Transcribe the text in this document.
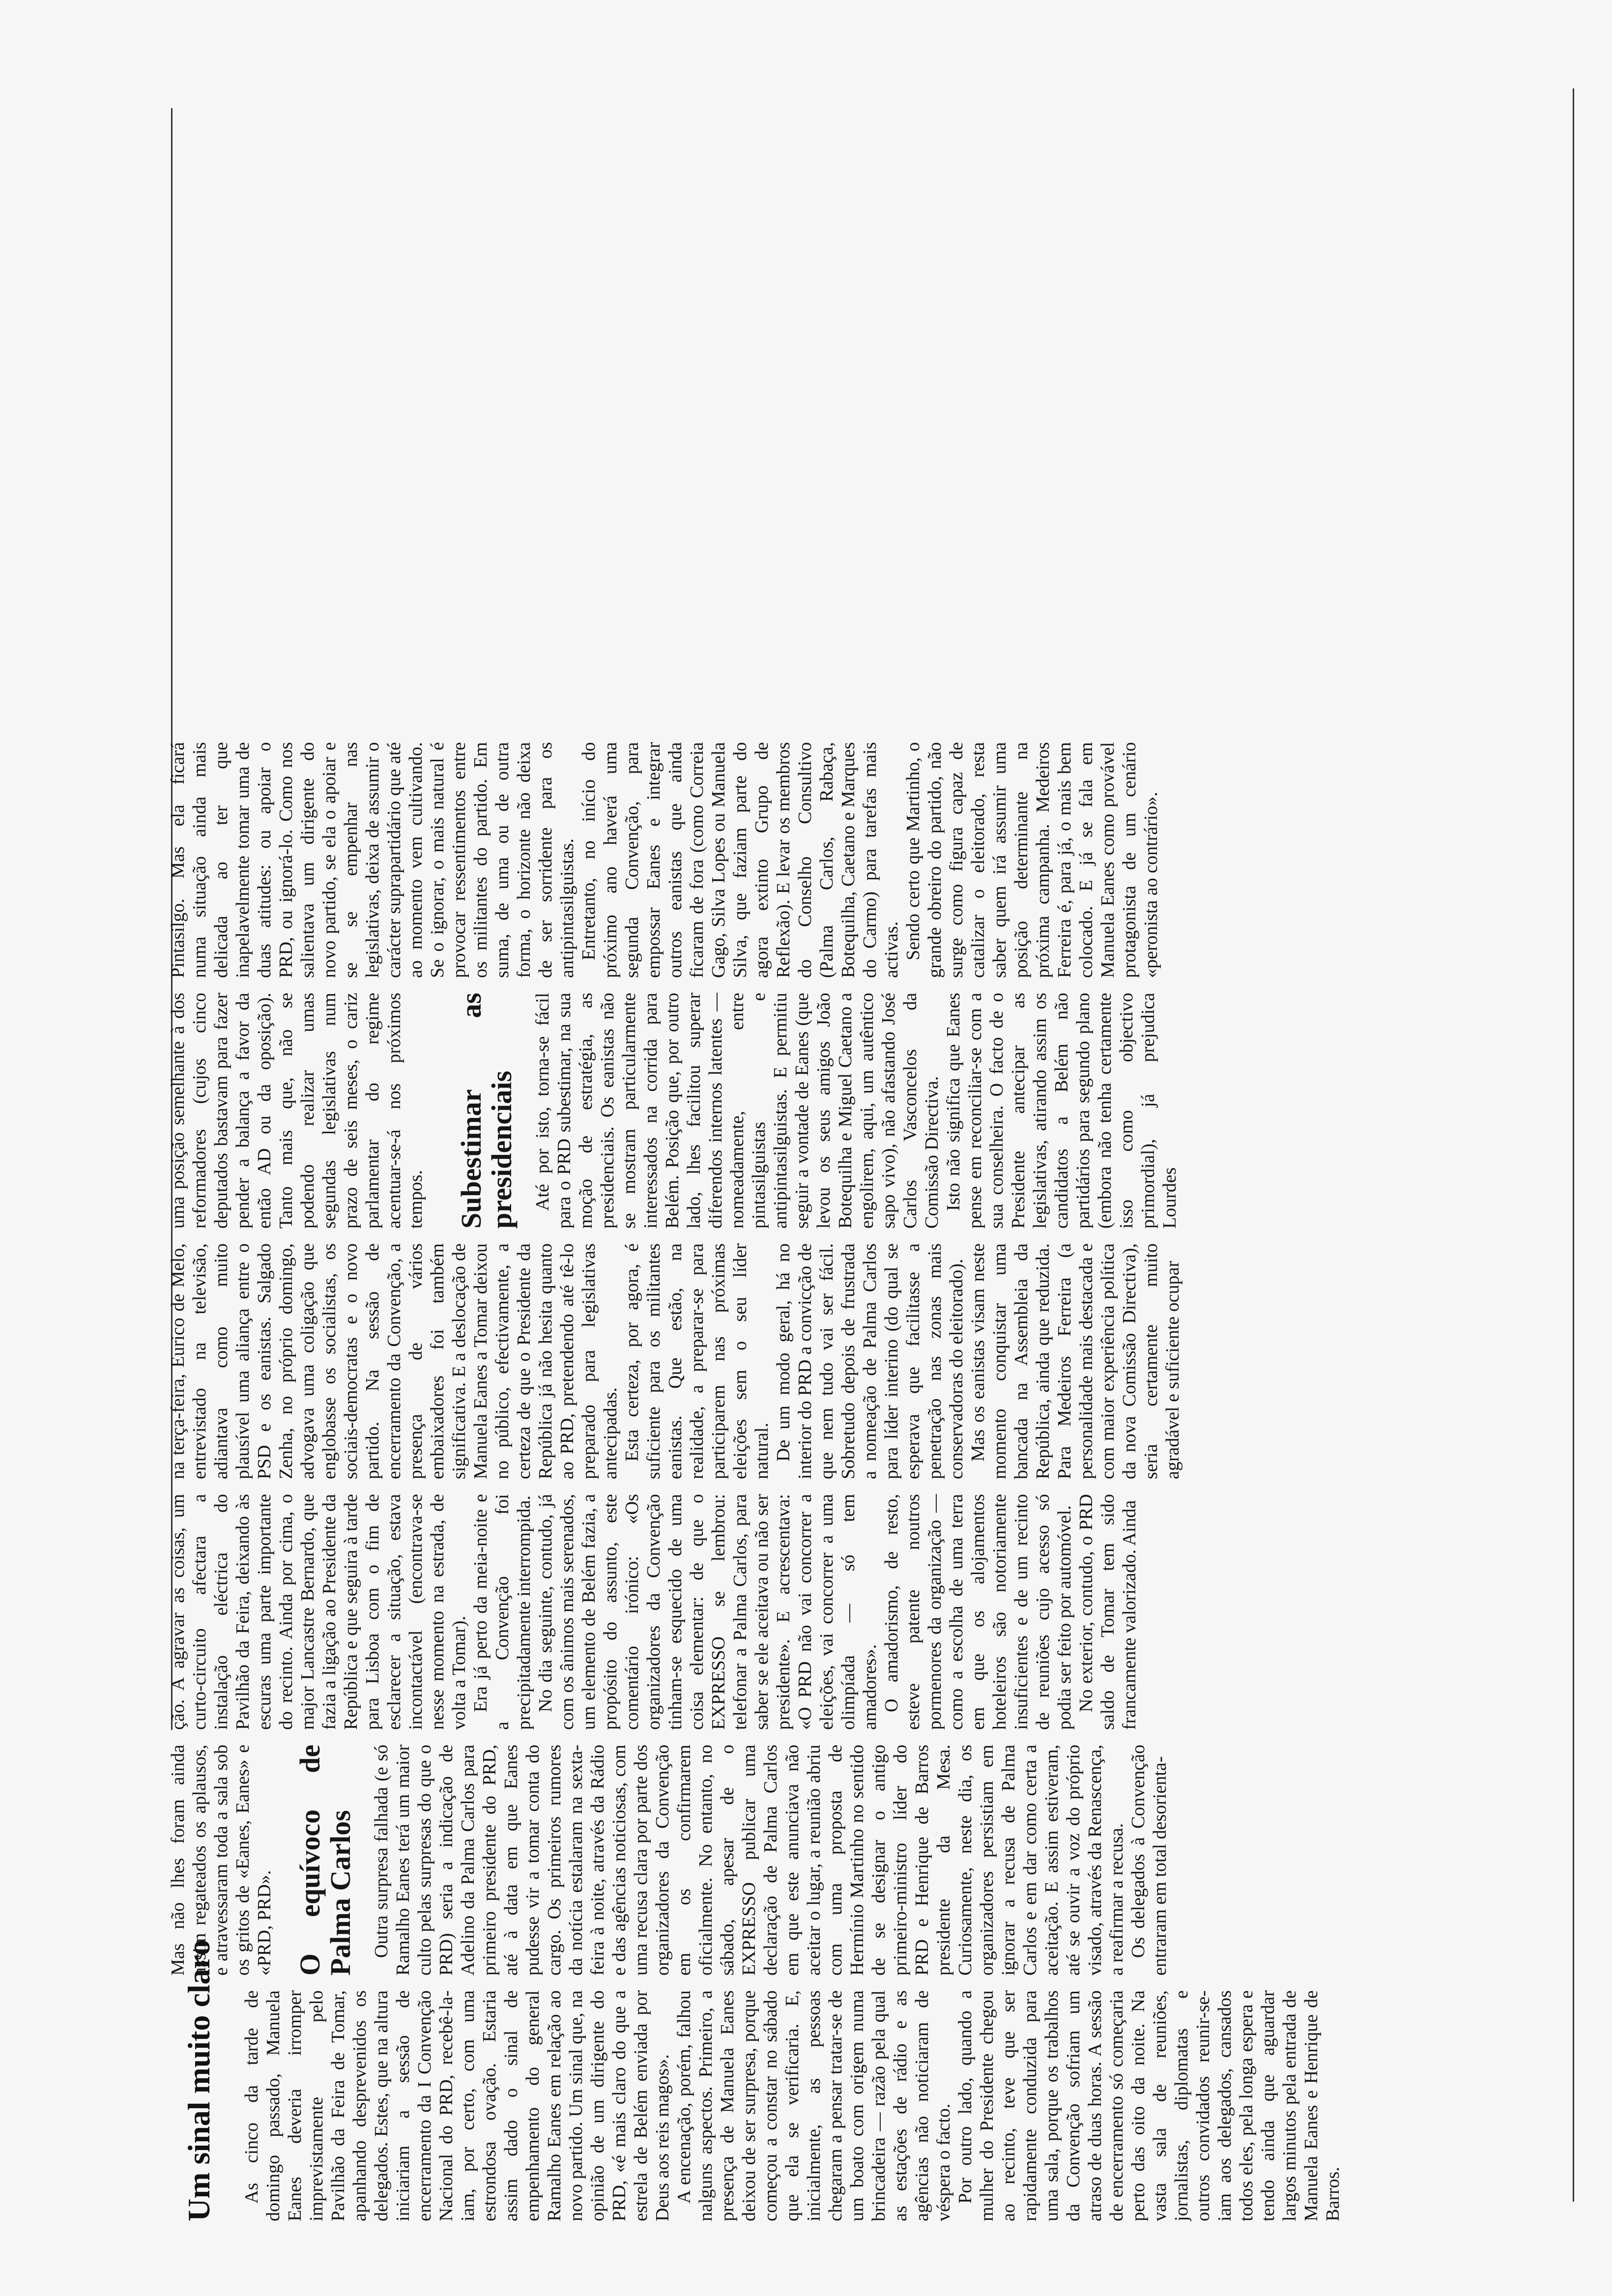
Um sinal muito claro As cinco da tarde de domingo passado, Manuela Eanes deveria irromper imprevistamente pelo Pavilhão da Feira de Tomar, apanhando desprevenidos os delegados. Estes, que na altura iniciariam a sessão de encerramento da I Convenção Nacional do PRD, recebê-la-iam, por certo, com uma estrondosa ovação. Estaria assim dado o sinal de empenhamento do general Ramalho Eanes em relação ao novo partido. Um sinal que, na opinião de um dirigente do PRD, «é mais claro do que a estrela de Belém enviada por Deus aos reis magos». A encenação, porém, falhou nalguns aspectos. Primeiro, a presença de Manuela Eanes deixou de ser surpresa, porque começou a constar no sábado que ela se verificaria. E, inicialmente, as pessoas chegaram a pensar tratar-se de um boato com origem numa brincadeira — razão pela qual as estações de rádio e as agências não noticiaram de véspera o facto. Por outro lado, quando a mulher do Presidente chegou ao recinto, teve que ser rapidamente conduzida para uma sala, porque os trabalhos da Convenção sofriam um atraso de duas horas. A sessão de encerramento só começaria perto das oito da noite. Na vasta sala de reuniões, jornalistas, diplomatas e outros convidados reunir-se-iam aos delegados, cansados todos eles, pela longa espera e tendo ainda que aguardar largos minutos pela entrada de Manuela Eanes e Henrique de Barros.

Mas não lhes foram ainda assim regateados os aplausos, e atravessaram toda a sala sob os gritos de «Eanes, Eanes» e «PRD, PRD». O equívoco de Palma Carlos Outra surpresa falhada (e só Ramalho Eanes terá um maior culto pelas surpresas do que o PRD) seria a indicação de Adelino da Palma Carlos para primeiro presidente do PRD, até à data em que Eanes pudesse vir a tomar conta do cargo. Os primeiros rumores da notícia estalaram na sexta-feira à noite, através da Rádio e das agências noticiosas, com uma recusa clara por parte dos organizadores da Convenção em os confirmarem oficialmente. No entanto, no sábado, apesar de o EXPRESSO publicar uma declaração de Palma Carlos em que este anunciava não aceitar o lugar, a reunião abriu com uma proposta de Hermínio Martinho no sentido de se designar o antigo primeiro-ministro líder do PRD e Henrique de Barros presidente da Mesa. Curiosamente, neste dia, os organizadores persistiam em ignorar a recusa de Palma Carlos e em dar como certa a aceitação. E assim estiveram, até se ouvir a voz do próprio visado, através da Renascença, a reafirmar a recusa. Os delegados à Convenção entraram em total desorienta-

ção. A agravar as coisas, um curto-circuito afectara a instalação eléctrica do Pavilhão da Feira, deixando às escuras uma parte importante do recinto. Ainda por cima, o major Lancastre Bernardo, que fazia a ligação ao Presidente da República e que seguira à tarde para Lisboa com o fim de esclarecer a situação, estava incontactável (encontrava-se nesse momento na estrada, de volta a Tomar). Era já perto da meia-noite e a Convenção foi precipitadamente interrompida. No dia seguinte, contudo, já com os ânimos mais serenados, um elemento de Belém fazia, a propósito do assunto, este comentário irónico: «Os organizadores da Convenção tinham-se esquecido de uma coisa elementar: de que o EXPRESSO se lembrou: telefonar a Palma Carlos, para saber se ele aceitava ou não ser presidente». E acrescentava: «O PRD não vai concorrer a eleições, vai concorrer a uma olimpíada — só tem amadores». O amadorismo, de resto, esteve patente noutros pormenores da organização — como a escolha de uma terra em que os alojamentos hoteleiros são notoriamente insuficientes e de um recinto de reuniões cujo acesso só podia ser feito por automóvel. No exterior, contudo, o PRD saldo de Tomar tem sido francamente valorizado. Ainda

na terça-feira, Eurico de Melo, entrevistado na televisão, adiantava como muito plausível uma aliança entre o PSD e os eanistas. Salgado Zenha, no próprio domingo, advogava uma coligação que englobasse os socialistas, os sociais-democratas e o novo partido. Na sessão de encerramento da Convenção, a presença de vários embaixadores foi também significativa. E a deslocação de Manuela Eanes a Tomar deixou no público, efectivamente, a certeza de que o Presidente da República já não hesita quanto ao PRD, pretendendo até tê-lo preparado para legislativas antecipadas. Esta certeza, por agora, é suficiente para os militantes eanistas. Que estão, na realidade, a preparar-se para participarem nas próximas eleições sem o seu líder natural. De um modo geral, há no interior do PRD a convicção de que nem tudo vai ser fácil. Sobretudo depois de frustrada a nomeação de Palma Carlos para líder interino (do qual se esperava que facilitasse a penetração nas zonas mais conservadoras do eleitorado). Mas os eanistas visam neste momento conquistar uma bancada na Assembleia da República, ainda que reduzida. Para Medeiros Ferreira (a personalidade mais destacada e com maior experiência política da nova Comissão Directiva), seria certamente muito agradável e suficiente ocupar

uma posição semelhante à dos reformadores (cujos cinco deputados bastavam para fazer pender a balança a favor da então AD ou da oposição). Tanto mais que, não se podendo realizar umas segundas legislativas num prazo de seis meses, o cariz parlamentar do regime acentuar-se-á nos próximos tempos. Subestimar as presidenciais Até por isto, torna-se fácil para o PRD subestimar, na sua moção de estratégia, as presidenciais. Os eanistas não se mostram particularmente interessados na corrida para Belém. Posição que, por outro lado, lhes facilitou superar diferendos internos latentes — nomeadamente, entre pintasilguistas e antipintasilguistas. E permitiu seguir a vontade de Eanes (que levou os seus amigos João Botequilha e Miguel Caetano a engolirem, aqui, um autêntico sapo vivo), não afastando José Carlos Vasconcelos da Comissão Directiva. Isto não significa que Eanes pense em reconciliar-se com a sua conselheira. O facto de o Presidente antecipar as legislativas, atirando assim os candidatos a Belém não partidários para segundo plano (embora não tenha certamente isso como objectivo primordial), já prejudica Lourdes

Pintasilgo. Mas ela ficará numa situação ainda mais delicada ao ter que inapelavelmente tomar uma de duas atitudes: ou apoiar o PRD, ou ignorá-lo. Como nos salientava um dirigente do novo partido, se ela o apoiar e se se empenhar nas legislativas, deixa de assumir o carácter suprapartidário que até ao momento vem cultivando. Se o ignorar, o mais natural é provocar ressentimentos entre os militantes do partido. Em suma, de uma ou de outra forma, o horizonte não deixa de ser sorridente para os antipintasilguistas. Entretanto, no início do próximo ano haverá uma segunda Convenção, para empossar Eanes e integrar outros eanistas que ainda ficaram de fora (como Correia Gago, Silva Lopes ou Manuela Silva, que faziam parte do agora extinto Grupo de Reflexão). E levar os membros do Conselho Consultivo (Palma Carlos, Rabaça, Botequilha, Caetano e Marques do Carmo) para tarefas mais activas. Sendo certo que Martinho, o grande obreiro do partido, não surge como figura capaz de catalizar o eleitorado, resta saber quem irá assumir uma posição determinante na próxima campanha. Medeiros Ferreira é, para já, o mais bem colocado. E já se fala em Manuela Eanes como provável protagonista de um cenário «peronista ao contrário».
